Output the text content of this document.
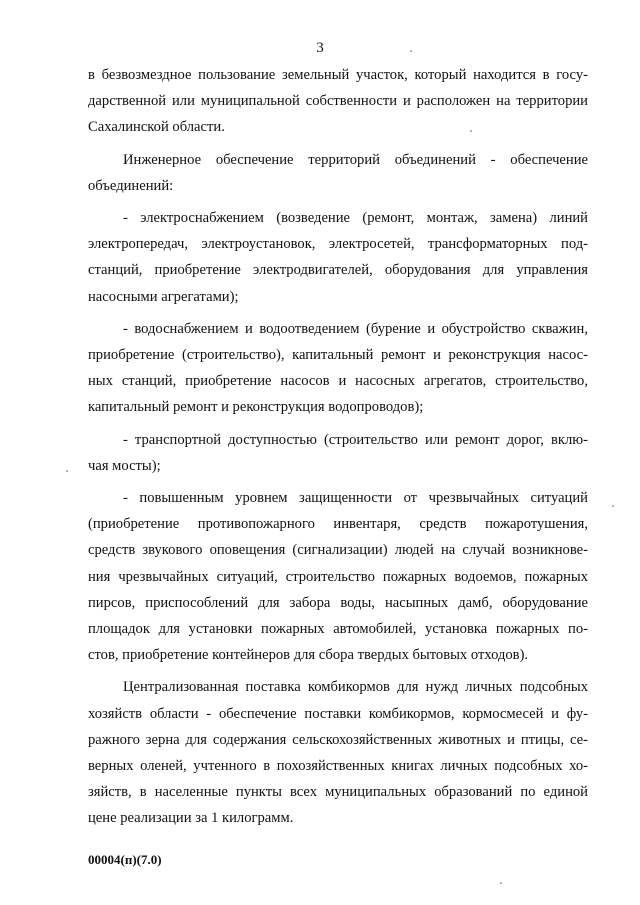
3
в безвозмездное пользование земельный участок, который находится в госу-
дарственной или муниципальной собственности и расположен на территории
Сахалинской области.
Инженерное обеспечение территорий объединений - обеспечение
объединений:
- электроснабжением (возведение (ремонт, монтаж, замена) линий
электропередач, электроустановок, электросетей, трансформаторных под-
станций, приобретение электродвигателей, оборудования для управления
насосными агрегатами);
- водоснабжением и водоотведением (бурение и обустройство скважин,
приобретение (строительство), капитальный ремонт и реконструкция насос-
ных станций, приобретение насосов и насосных агрегатов, строительство,
капитальный ремонт и реконструкция водопроводов);
- транспортной доступностью (строительство или ремонт дорог, вклю-
чая мосты);
- повышенным уровнем защищенности от чрезвычайных ситуаций
(приобретение противопожарного инвентаря, средств пожаротушения,
средств звукового оповещения (сигнализации) людей на случай возникнове-
ния чрезвычайных ситуаций, строительство пожарных водоемов, пожарных
пирсов, приспособлений для забора воды, насыпных дамб, оборудование
площадок для установки пожарных автомобилей, установка пожарных по-
стов, приобретение контейнеров для сбора твердых бытовых отходов).
Централизованная поставка комбикормов для нужд личных подсобных
хозяйств области - обеспечение поставки комбикормов, кормосмесей и фу-
ражного зерна для содержания сельскохозяйственных животных и птицы, се-
верных оленей, учтенного в похозяйственных книгах личных подсобных хо-
зяйств, в населенные пункты всех муниципальных образований по единой
цене реализации за 1 килограмм.
00004(п)(7.0)
